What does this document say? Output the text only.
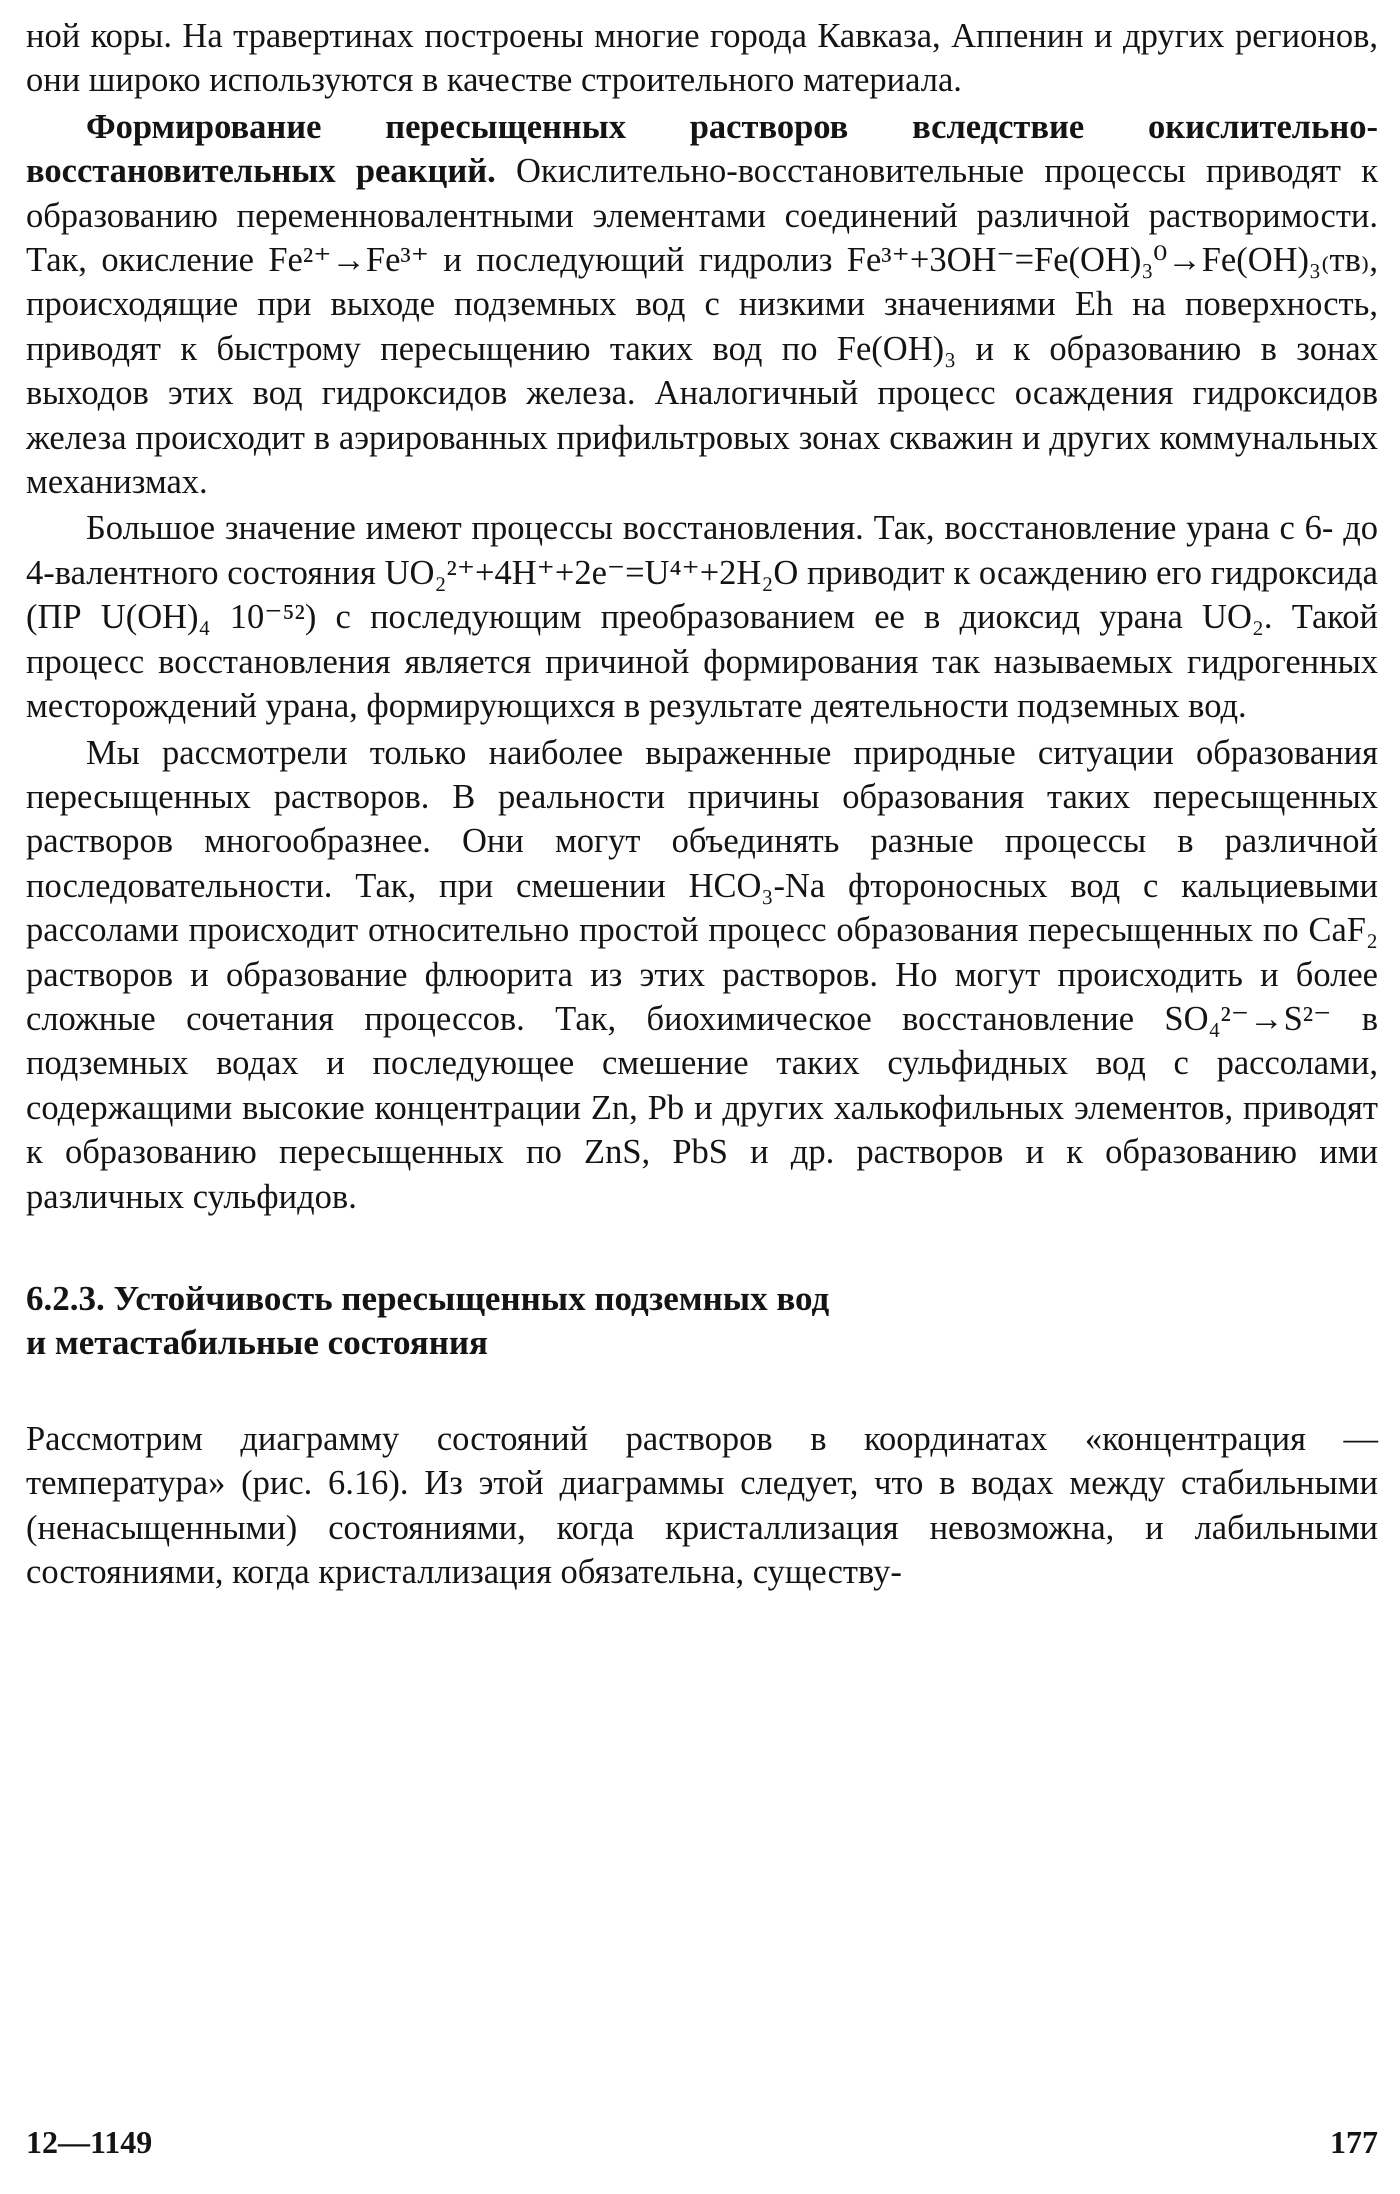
ной коры. На травертинах построены многие города Кавказа, Аппенин и других регионов, они широко используются в качестве строительного материала.

Формирование пересыщенных растворов вследствие окислительно-восстановительных реакций. Окислительно-восстановительные процессы приводят к образованию переменновалентными элементами соединений различной растворимости. Так, окисление Fe²⁺→Fe³⁺ и последующий гидролиз Fe³⁺+3OH⁻=Fe(OH)₃⁰→Fe(OH)₃₍тв₎, происходящие при выходе подземных вод с низкими значениями Eh на поверхность, приводят к быстрому пересыщению таких вод по Fe(OH)₃ и к образованию в зонах выходов этих вод гидроксидов железа. Аналогичный процесс осаждения гидроксидов железа происходит в аэрированных прифильтровых зонах скважин и других коммунальных механизмах.

Большое значение имеют процессы восстановления. Так, восстановление урана с 6- до 4-валентного состояния UO₂²⁺+4H⁺+2e⁻=U⁴⁺+2H₂O приводит к осаждению его гидроксида (ПР U(OH)₄ 10⁻⁵²) с последующим преобразованием ее в диоксид урана UO₂. Такой процесс восстановления является причиной формирования так называемых гидрогенных месторождений урана, формирующихся в результате деятельности подземных вод.

Мы рассмотрели только наиболее выраженные природные ситуации образования пересыщенных растворов. В реальности причины образования таких пересыщенных растворов многообразнее. Они могут объединять разные процессы в различной последовательности. Так, при смешении HCO₃-Na фтороносных вод с кальциевыми рассолами происходит относительно простой процесс образования пересыщенных по CaF₂ растворов и образование флюорита из этих растворов. Но могут происходить и более сложные сочетания процессов. Так, биохимическое восстановление SO₄²⁻→S²⁻ в подземных водах и последующее смешение таких сульфидных вод с рассолами, содержащими высокие концентрации Zn, Pb и других халькофильных элементов, приводят к образованию пересыщенных по ZnS, PbS и др. растворов и к образованию ими различных сульфидов.

6.2.3. Устойчивость пересыщенных подземных вод
и метастабильные состояния

Рассмотрим диаграмму состояний растворов в координатах «концентрация — температура» (рис. 6.16). Из этой диаграммы следует, что в водах между стабильными (ненасыщенными) состояниями, когда кристаллизация невозможна, и лабильными состояниями, когда кристаллизация обязательна, существу-

12—1149	177
